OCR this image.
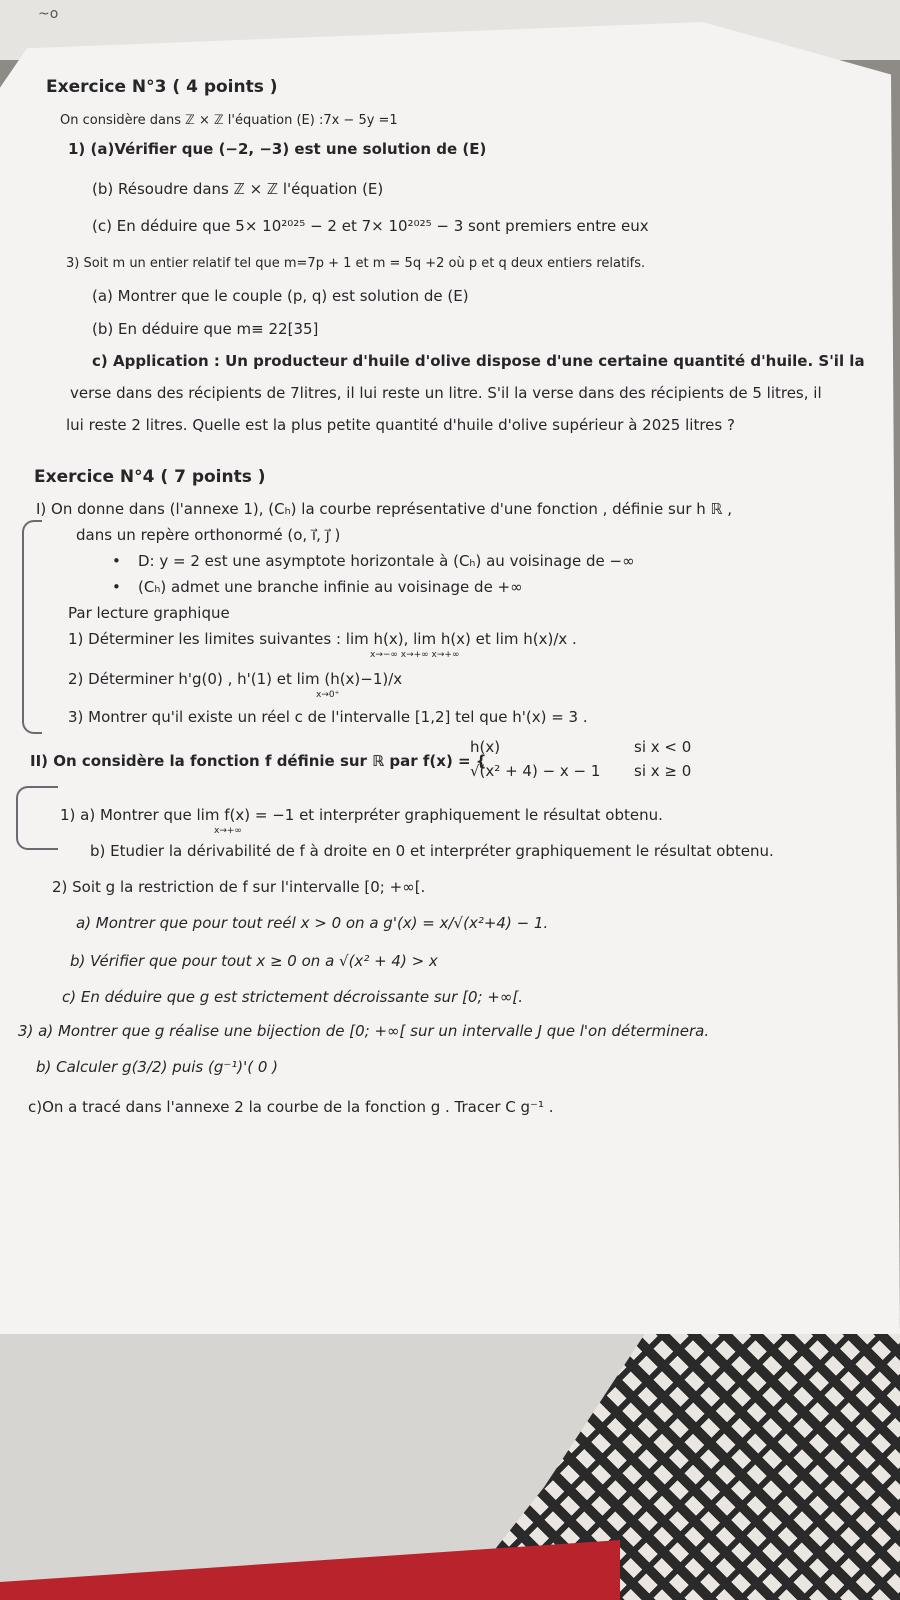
~o
Exercice N°3 ( 4 points )
On considère dans ℤ × ℤ l'équation (E) :7x − 5y =1
1) (a)Vérifier que (−2, −3) est une solution de (E)
(b) Résoudre dans ℤ × ℤ l'équation (E)
(c) En déduire que 5× 10²⁰²⁵ − 2 et 7× 10²⁰²⁵ − 3 sont premiers entre eux
3) Soit m un entier relatif tel que m=7p + 1 et m = 5q +2 où p et q deux entiers relatifs.
(a) Montrer que le couple (p, q) est solution de (E)
(b) En déduire que m≡ 22[35]
c) Application : Un producteur d'huile d'olive dispose d'une certaine quantité d'huile. S'il la
verse dans des récipients de 7litres, il lui reste un litre. S'il la verse dans des récipients de 5 litres, il
lui reste 2 litres. Quelle est la plus petite quantité d'huile d'olive supérieur à 2025 litres ?
Exercice N°4 ( 7 points )
I) On donne dans (l'annexe 1), (Cₕ) la courbe représentative d'une fonction , définie sur h ℝ ,
dans un repère orthonormé (o, i⃗, j⃗ )
• D: y = 2 est une asymptote horizontale à (Cₕ) au voisinage de −∞
• (Cₕ) admet une branche infinie au voisinage de +∞
Par lecture graphique
1) Déterminer les limites suivantes : lim h(x), lim h(x) et lim h(x)/x .
x→−∞ x→+∞ x→+∞
2) Déterminer h'g(0) , h'(1) et lim (h(x)−1)/x
x→0⁺
3) Montrer qu'il existe un réel c de l'intervalle [1,2] tel que h'(x) = 3 .
II) On considère la fonction f définie sur ℝ par f(x) = {
h(x)
√(x² + 4) − x − 1
si x < 0
si x ≥ 0
1) a) Montrer que lim f(x) = −1 et interpréter graphiquement le résultat obtenu.
x→+∞
b) Etudier la dérivabilité de f à droite en 0 et interpréter graphiquement le résultat obtenu.
2) Soit g la restriction de f sur l'intervalle [0; +∞[.
a) Montrer que pour tout reél x > 0 on a g'(x) = x/√(x²+4) − 1.
b) Vérifier que pour tout x ≥ 0 on a √(x² + 4) > x
c) En déduire que g est strictement décroissante sur [0; +∞[.
3) a) Montrer que g réalise une bijection de [0; +∞[ sur un intervalle J que l'on déterminera.
b) Calculer g(3/2) puis (g⁻¹)'( 0 )
c)On a tracé dans l'annexe 2 la courbe de la fonction g . Tracer C g⁻¹ .
